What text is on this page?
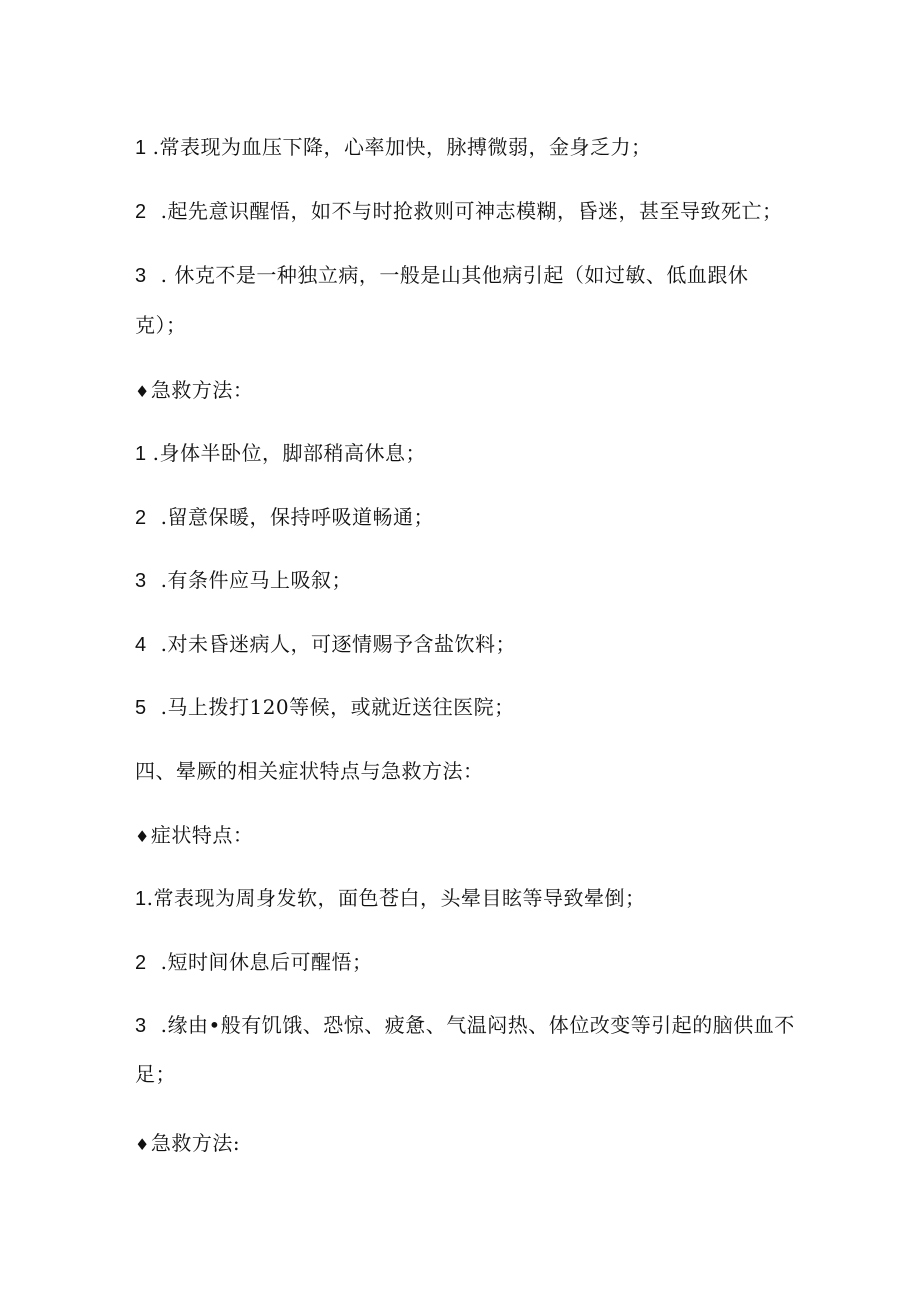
1 .常表现为血压下降，心率加快，脉搏微弱，金身乏力；
2 .起先意识醒悟，如不与时抢救则可神志模糊，昏迷，甚至导致死亡；
3 . 休克不是一种独立病，一般是山其他病引起（如过敏、低血跟休
克）；
♦急救方法：
1 .身体半卧位，脚部稍高休息；
2 .留意保暖，保持呼吸道畅通；
3 .有条件应马上吸叙；
4 .对未昏迷病人，可逐情赐予含盐饮料；
5 .马上拨打120等候，或就近送往医院；
四、晕厥的相关症状特点与急救方法：
♦症状特点：
1.常表现为周身发软，面色苍白，头晕目眩等导致晕倒；
2 .短时间休息后可醒悟；
3 .缘由•般有饥饿、恐惊、疲惫、气温闷热、体位改变等引起的脑供血不
足；
♦急救方法:
